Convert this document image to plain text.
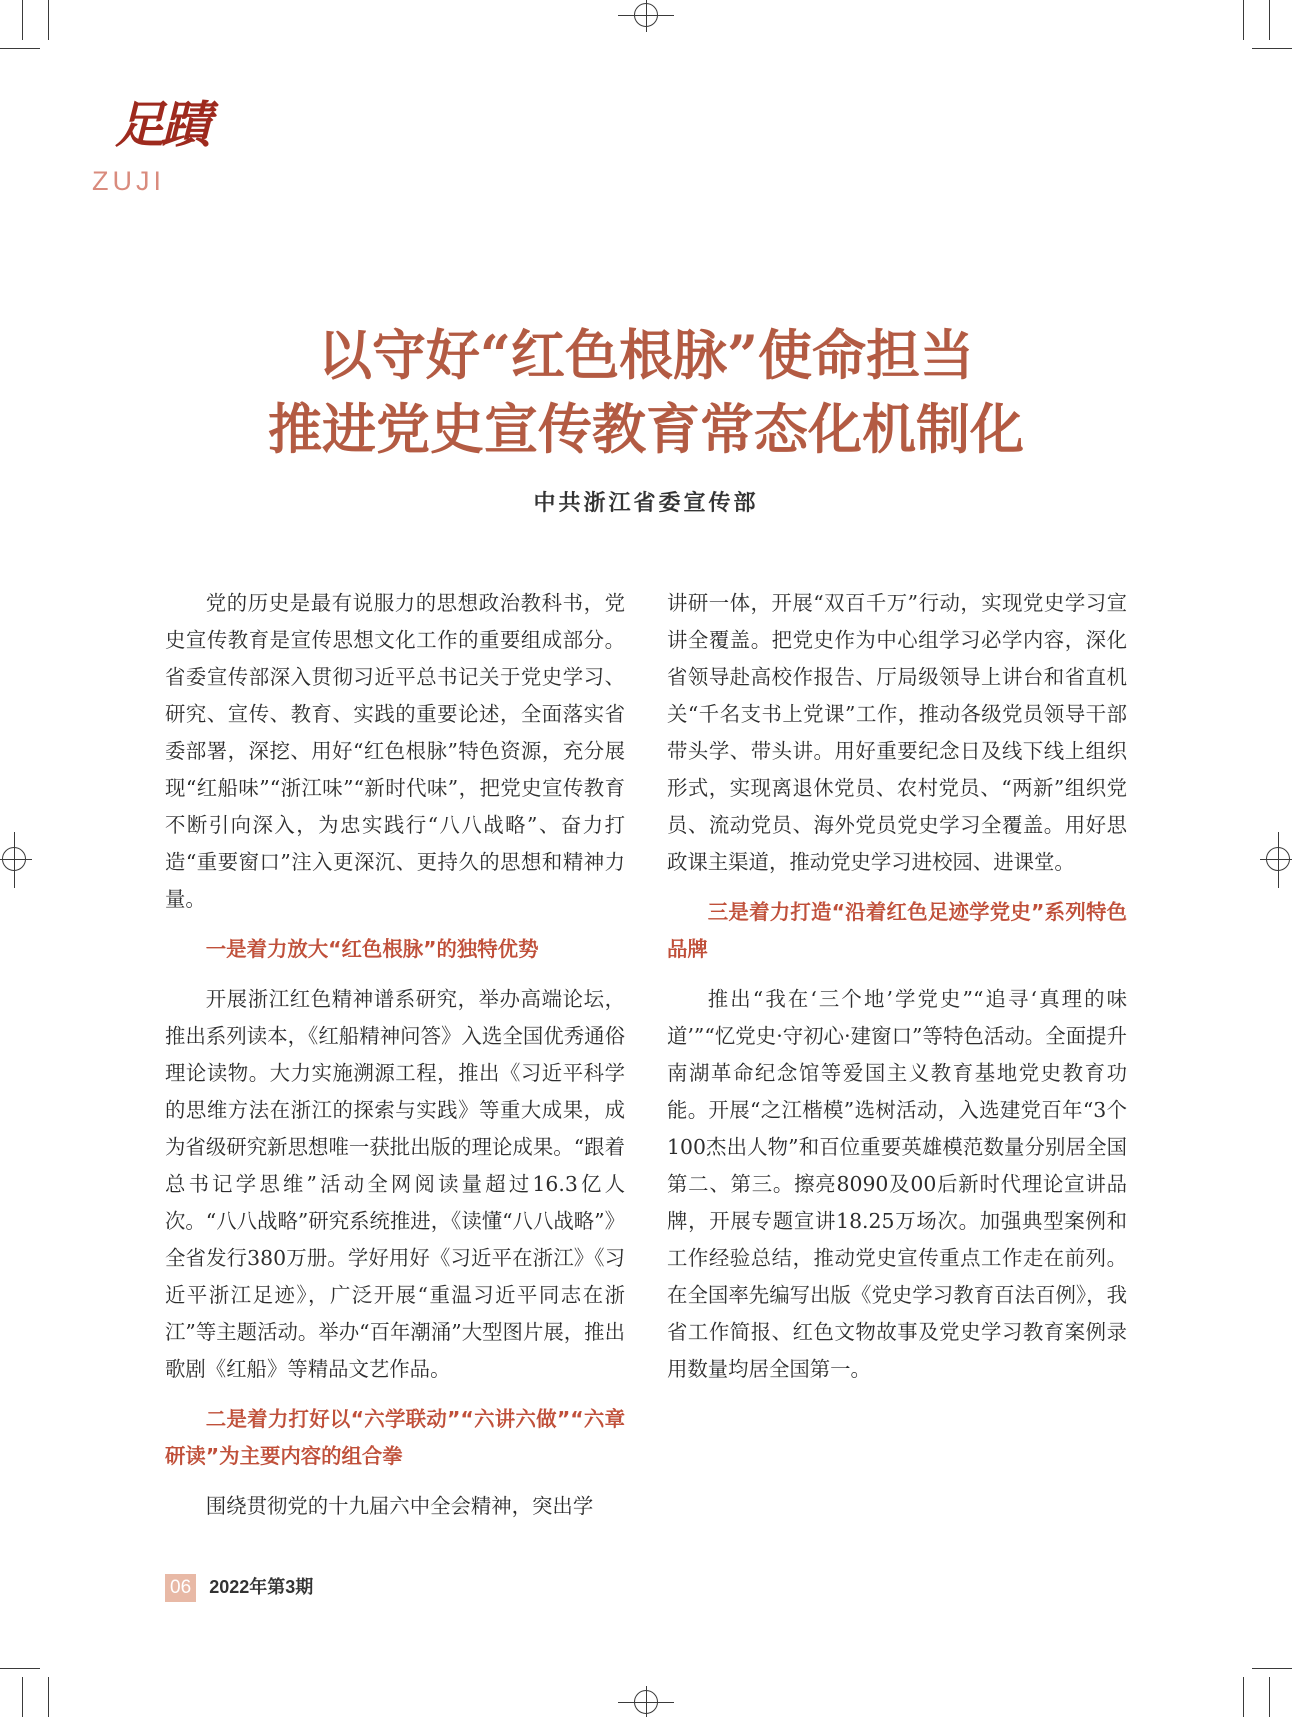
足蹟
ZUJI
以守好“红色根脉”使命担当
推进党史宣传教育常态化机制化
中共浙江省委宣传部

党的历史是最有说服力的思想政治教科书，党史宣传教育是宣传思想文化工作的重要组成部分。省委宣传部深入贯彻习近平总书记关于党史学习、研究、宣传、教育、实践的重要论述，全面落实省委部署，深挖、用好“红色根脉”特色资源，充分展现“红船味”“浙江味”“新时代味”，把党史宣传教育不断引向深入，为忠实践行“八八战略”、奋力打造“重要窗口”注入更深沉、更持久的思想和精神力量。

一是着力放大“红色根脉”的独特优势

开展浙江红色精神谱系研究，举办高端论坛，推出系列读本，《红船精神问答》入选全国优秀通俗理论读物。大力实施溯源工程，推出《习近平科学的思维方法在浙江的探索与实践》等重大成果，成为省级研究新思想唯一获批出版的理论成果。“跟着总书记学思维”活动全网阅读量超过16.3亿人次。“八八战略”研究系统推进，《读懂“八八战略”》全省发行380万册。学好用好《习近平在浙江》《习近平浙江足迹》，广泛开展“重温习近平同志在浙江”等主题活动。举办“百年潮涌”大型图片展，推出歌剧《红船》等精品文艺作品。

二是着力打好以“六学联动”“六讲六做”“六章研读”为主要内容的组合拳

围绕贯彻党的十九届六中全会精神，突出学

讲研一体，开展“双百千万”行动，实现党史学习宣讲全覆盖。把党史作为中心组学习必学内容，深化省领导赴高校作报告、厅局级领导上讲台和省直机关“千名支书上党课”工作，推动各级党员领导干部带头学、带头讲。用好重要纪念日及线下线上组织形式，实现离退休党员、农村党员、“两新”组织党员、流动党员、海外党员党史学习全覆盖。用好思政课主渠道，推动党史学习进校园、进课堂。

三是着力打造“沿着红色足迹学党史”系列特色品牌

推出“我在‘三个地’学党史”“追寻‘真理的味道’”“忆党史·守初心·建窗口”等特色活动。全面提升南湖革命纪念馆等爱国主义教育基地党史教育功能。开展“之江楷模”选树活动，入选建党百年“3个100杰出人物”和百位重要英雄模范数量分别居全国第二、第三。擦亮8090及00后新时代理论宣讲品牌，开展专题宣讲18.25万场次。加强典型案例和工作经验总结，推动党史宣传重点工作走在前列。在全国率先编写出版《党史学习教育百法百例》，我省工作简报、红色文物故事及党史学习教育案例录用数量均居全国第一。

06 2022年第3期
